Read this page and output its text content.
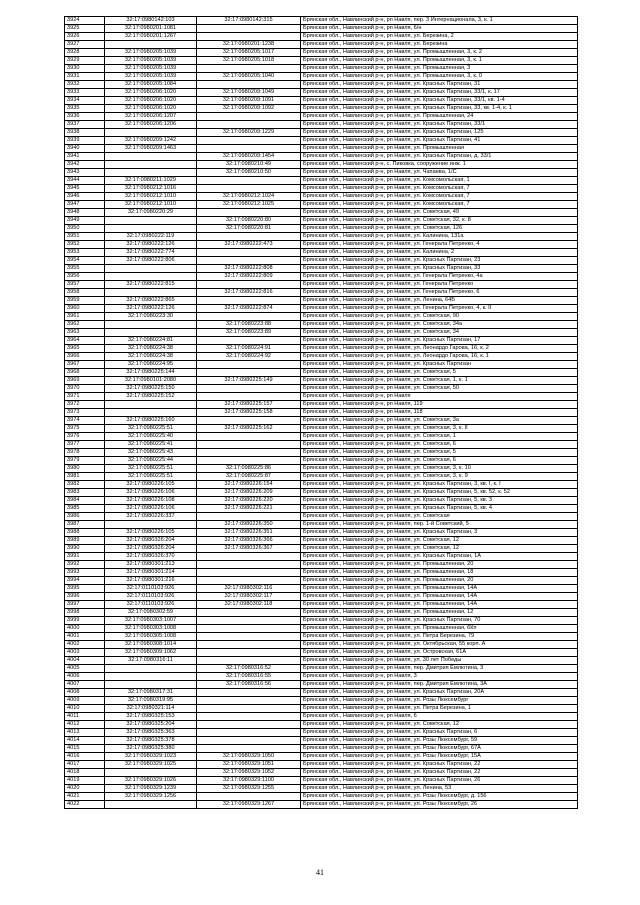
3924	32:17:0980142:103	32:17:0980142:315	Брянская обл., Навлинский р-н, рп Навля, пер. 3 Интернационала, 3, к. 1
3925	32:17:0980201:1081		Брянская обл., Навлинский р-н, рп Навля, 6/н
3926	32:17:0980201:1267		Брянская обл., Навлинский р-н, рп Навля, ул. Березина, 2
3927		32:17:0980201:1238	Брянская обл., Навлинский р-н, рп Навля, ул. Березина
3928	32:17:0980205:1039	32:17:0980205:1017	Брянская обл., Навлинский р-н, рп Навля, ул. Промышленная, 3, к. 2
3929	32:17:0980205:1039	32:17:0980205:1018	Брянская обл., Навлинский р-н, рп Навля, ул. Промышленная, 3, к. 1
3930	32:17:0980205:1039		Брянская обл., Навлинский р-н, рп Навля, ул. Промышленная, 3
3931	32:17:0980205:1039	32:17:0980205:1040	Брянская обл., Навлинский р-н, рп Навля, ул. Промышленная, 3, к. 0
3932	32:17:0980205:1084		Брянская обл., Навлинский р-н, рп Навля, ул. Красных Партизан, 31
3933	32:17:0980206:1020	32:17:0980209:1049	Брянская обл., Навлинский р-н, рп Навля, ул. Красных Партизан, 33/1, к. 17
3934	32:17:0980206:1020	32:17:0980209:1091	Брянская обл., Навлинский р-н, рп Навля, ул. Красных Партизан, 33/1, кв. 1-4
3935	32:17:0980206:1020	32:17:0980209:1092	Брянская обл., Навлинский р-н, рп Навля, ул. Красных Партизан, 33, кв. 1-4, к. 1
3936	32:17:0980206:1207		Брянская обл., Навлинский р-н, рп Навля, ул. Промышленная, 24
3937	32:17:0980206:1206		Брянская обл., Навлинский р-н, рп Навля, ул. Красных Партизан, 33/1
3938		32:17:0980209:1229	Брянская обл., Навлинский р-н, рп Навля, ул. Красных Партизан, 125
3939	32:17:0980209:1242		Брянская обл., Навлинский р-н, рп Навля, ул. Красных Партизан, 41
3940	32:17:0980209:1463		Брянская обл., Навлинский р-н, рп Навля, ул. Промышленная
3941		32:17:0980209:1454	Брянская обл., Навлинский р-н, рп Навля, ул. Красных Партизан, д. 33/1
3942		32:17:0980210:49	Брянская обл., Навлинский р-н, с. Пиковка, сооружение инж. 1
3943		32:17:0980210:50	Брянская обл., Навлинский р-н, рп Навля, ул. Чапаева, 1/С
3944	32:17:0980211:1029		Брянская обл., Навлинский р-н, рп Навля, ул. Комсомольская, 1
3945	32:17:0980212:1016		Брянская обл., Навлинский р-н, рп Навля, ул. Комсомольская, 7
3946	32:17:0980212:1010	32:17:0980212:1024	Брянская обл., Навлинский р-н, рп Навля, ул. Комсомольская, 7
3947	32:17:0980212:1010	32:17:0980212:1025	Брянская обл., Навлинский р-н, рп Навля, ул. Комсомольская, 7
3948	32:17:0980220:29		Брянская обл., Навлинский р-н, рп Навля, ул. Советская, 49
3949		32:17:0980220:80	Брянская обл., Навлинский р-н, рп Навля, ул. Советская, 32, к. 8
3950		32:17:0980220:81	Брянская обл., Навлинский р-н, рп Навля, ул. Советская, 126
3951	32:17:0980222:119		Брянская обл., Навлинский р-н, рп Навля, ул. Калинина, 131а
3952	32:17:0980222:126	32:17:0980222:473	Брянская обл., Навлинский р-н, рп Навля, ул. Генерала Петренко, 4
3953	32:17:0980222:774		Брянская обл., Навлинский р-н, рп Навля, ул. Калинина, 2
3954	32:17:0980222:806		Брянская обл., Навлинский р-н, рп Навля, ул. Красных Партизан, 23
3955		32:17:0980222:808	Брянская обл., Навлинский р-н, рп Навля, ул. Красных Партизан, 33
3956		32:17:0980222:809	Брянская обл., Навлинский р-н, рп Навля, ул. Генерала Петренко, 4а
3957	32:17:0980222:815		Брянская обл., Навлинский р-н, рп Навля, ул. Генерала Петренко
3958		32:17:0980222:816	Брянская обл., Навлинский р-н, рп Навля, ул. Генерала Петренко, 6
3959	32:17:0980222:865		Брянская обл., Навлинский р-н, рп Навля, ул. Ленина, 64Б
3960	32:17:0980222:126	32:17:0980222:874	Брянская обл., Навлинский р-н, рп Навля, ул. Генерала Петренко, 4, к. II
3961	32:17:0980223:30		Брянская обл., Навлинский р-н, рп Навля, ул. Советская, 90
3962		32:17:0980223:88	Брянская обл., Навлинский р-н, рп Навля, ул. Советская, 34а
3963		32:17:0980223:89	Брянская обл., Навлинский р-н, рп Навля, ул. Советская, 34
3964	32:17:0980224:81		Брянская обл., Навлинский р-н, рп Навля, ул. Красных Партизан, 17
3965	32:17:0980224:38	32:17:0980224:91	Брянская обл., Навлинский р-н, рп Навля, ул. Леонардо Гарова, 16, к. 2
3966	32:17:0980224:38	32:17:0980224:92	Брянская обл., Навлинский р-н, рп Навля, ул. Леонардо Гарова, 16, к. 1
3967	32:17:0980224:95		Брянская обл., Навлинский р-н, рп Навля, ул. Красных Партизан
3968	32:17:0980225:144		Брянская обл., Навлинский р-н, рп Навля, ул. Советская, 5
3969	32:17:0980101:2080	32:17:0980225:149	Брянская обл., Навлинский р-н, рп Навля, ул. Советская, 1, к. 1
3970	32:17:0980225:150		Брянская обл., Навлинский р-н, рп Навля, ул. Советская, 50
3971	32:17:0980225:152		Брянская обл., Навлинский р-н, рп Навля
3972		32:17:0980225:157	Брянская обл., Навлинский р-н, рп Навля, 119
3973		32:17:0980225:158	Брянская обл., Навлинский р-н, рп Навля, 118
3974	32:17:0980225:160		Брянская обл., Навлинский р-н, рп Навля, ул. Советская, 3а
3975	32:17:0980225:51	32:17:0980225:162	Брянская обл., Навлинский р-н, рп Навля, ул. Советская, 3, к. II
3976	32:17:0980225:40		Брянская обл., Навлинский р-н, рп Навля, ул. Советская, 1
3977	32:17:0980225:41		Брянская обл., Навлинский р-н, рп Навля, ул. Советская, 6
3978	32:17:0980225:43		Брянская обл., Навлинский р-н, рп Навля, ул. Советская, 5
3979	32:17:0980225:44		Брянская обл., Навлинский р-н, рп Навля, ул. Советская, 6
3980	32:17:0980225:51	32:17:0980225:86	Брянская обл., Навлинский р-н, рп Навля, ул. Советская, 3, к. 10
3981	32:17:0980225:51	32:17:0980225:87	Брянская обл., Навлинский р-н, рп Навля, ул. Советская, 3, к. 9
3982	32:17:0980226:105	32:17:0980226:154	Брянская обл., Навлинский р-н, рп Навля, ул. Красных Партизан, 3, кв. I, к. I
3983	32:17:0980226:106	32:17:0980226:209	Брянская обл., Навлинский р-н, рп Навля, ул. Красных Партизан, 5, кв. 52, к. 52
3984	32:17:0980226:108	32:17:0980226:220	Брянская обл., Навлинский р-н, рп Навля, ул. Красных Партизан, 5, кв. 3
3985	32:17:0980226:106	32:17:0980226:221	Брянская обл., Навлинский р-н, рп Навля, ул. Красных Партизан, 5, кв. 4
3986	32:17:0980226:337		Брянская обл., Навлинский р-н, рп Навля, ул. Советская
3987		32:17:0980226:350	Брянская обл., Навлинский р-н, рп Навля, пер. 1-й Советский, 5
3988	32:17:0980226:105	32:17:0980226:351	Брянская обл., Навлинский р-н, рп Навля, ул. Красных Партизан, 3
3989	32:17:0980326:204	32:17:0980326:366	Брянская обл., Навлинский р-н, рп Навля, ул. Советская, 12
3990	32:17:0980326:204	32:17:0980326:367	Брянская обл., Навлинский р-н, рп Навля, ул. Советская, 12
3991	32:17:0980326:370		Брянская обл., Навлинский р-н, рп Навля, ул. Красных Партизан, 1А
3992	32:17:0980301:213		Брянская обл., Навлинский р-н, рп Навля, ул. Промышленная, 20
3993	32:17:0980301:214		Брянская обл., Навлинский р-н, рп Навля, ул. Промышленная, 18
3994	32:17:0980301:216		Брянская обл., Навлинский р-н, рп Навля, ул. Промышленная, 20
3995	32:17:0110103:926	32:17:0980302:116	Брянская обл., Навлинский р-н, рп Навля, ул. Промышленная, 14А
3996	32:17:0110103:926	32:17:0980302:117	Брянская обл., Навлинский р-н, рп Навля, ул. Промышленная, 14А
3997	32:17:0110103:926	32:17:0980302:118	Брянская обл., Навлинский р-н, рп Навля, ул. Промышленная, 14А
3998	32:17:0980302:59		Брянская обл., Навлинский р-н, рп Навля, ул. Промышленная, 12
3999	32:17:0980303:1007		Брянская обл., Навлинский р-н, рп Навля, ул. Красных Партизан, 70
4000	32:17:0980303:1008		Брянская обл., Навлинский р-н, рп Навля, ул. Промышленная, 6Кп
4001	32:17:0980305:1008		Брянская обл., Навлинский р-н, рп Навля, ул. Петра Березина, 79
4002	32:17:0980308:1014		Брянская обл., Навлинский р-н, рп Навля, ул. Октябрьская, 55 корп. А
4003	32:17:0980309:1062		Брянская обл., Навлинский р-н, рп Навля, ул. Островская, 61А
4004	32:17:0980316:11		Брянская обл., Навлинский р-н, рп Навля, ул. 30 лет Победы
4005		32:17:0980316:52	Брянская обл., Навлинский р-н, рп Навля, пер. Дмитрия Емлютина, 3
4006		32:17:0980316:55	Брянская обл., Навлинский р-н, рп Навля, 3
4007		32:17:0980316:56	Брянская обл., Навлинский р-н, рп Навля, пер. Дмитрия Емлютина, 3А
4008	32:17:0980317:31		Брянская обл., Навлинский р-н, рп Навля, ул. Красных Партизан, 20А
4009	32:17:0980319:95		Брянская обл., Навлинский р-н, рп Навля, ул. Розы Люксембург
4010	32:17:0980321:114		Брянская обл., Навлинский р-н, рп Навля, ул. Петра Березина, 1
4011	32:17:0980325:153		Брянская обл., Навлинский р-н, рп Навля, 6
4012	32:17:0980325:204		Брянская обл., Навлинский р-н, рп Навля, ул. Советская, 12
4013	32:17:0980325:363		Брянская обл., Навлинский р-н, рп Навля, ул. Красных Партизан, 6
4014	32:17:0980325:378		Брянская обл., Навлинский р-н, рп Навля, ул. Розы Люксембург, 59
4015	32:17:0980325:380		Брянская обл., Навлинский р-н, рп Навля, ул. Розы Люксембург, 67А
4016	32:17:0980329:1023	32:17:0980329:1050	Брянская обл., Навлинский р-н, рп Навля, ул. Розы Люксембург, 15А
4017	32:17:0980329:1025	32:17:0980329:1051	Брянская обл., Навлинский р-н, рп Навля, ул. Красных Партизан, 22
4018		32:17:0980329:1052	Брянская обл., Навлинский р-н, рп Навля, ул. Красных Партизан, 22
4019	32:17:0980329:1026	32:17:0980329:1100	Брянская обл., Навлинский р-н, рп Навля, ул. Красных Партизан, 26
4020	32:17:0980329:1239	32:17:0980329:1255	Брянская обл., Навлинский р-н, рп Навля, ул. Ленина, 53
4021	32:17:0980329:1256		Брянская обл., Навлинский р-н, рп Навля, ул. Розы Люксембург, д. 156
4022		32:17:0980329:1267	Брянская обл., Навлинский р-н, рп Навля, ул. Розы Люксембург, 26
41
